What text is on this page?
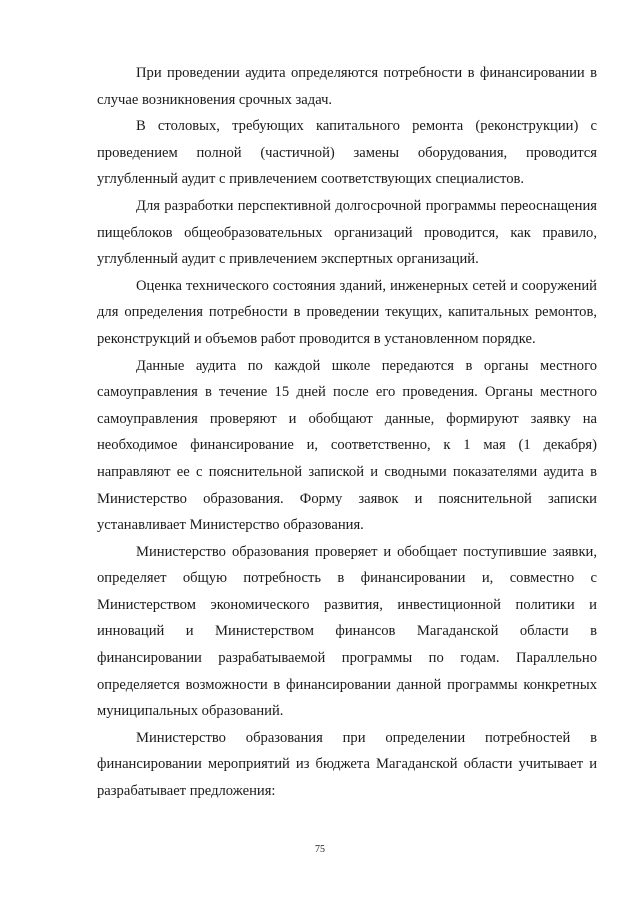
При проведении аудита определяются потребности в финансировании в случае возникновения срочных задач.

В столовых, требующих капитального ремонта (реконструкции) с проведением полной (частичной) замены оборудования, проводится углубленный аудит с привлечением соответствующих специалистов.

Для разработки перспективной долгосрочной программы переоснащения пищеблоков общеобразовательных организаций проводится, как правило, углубленный аудит с привлечением экспертных организаций.

Оценка технического состояния зданий, инженерных сетей и сооружений для определения потребности в проведении текущих, капитальных ремонтов, реконструкций и объемов работ проводится в установленном порядке.

Данные аудита по каждой школе передаются в органы местного самоуправления в течение 15 дней после его проведения. Органы местного самоуправления проверяют и обобщают данные, формируют заявку на необходимое финансирование и, соответственно, к 1 мая (1 декабря) направляют ее с пояснительной запиской и сводными показателями аудита в Министерство образования. Форму заявок и пояснительной записки устанавливает Министерство образования.

Министерство образования проверяет и обобщает поступившие заявки, определяет общую потребность в финансировании и, совместно с Министерством экономического развития, инвестиционной политики и инноваций и Министерством финансов Магаданской области в финансировании разрабатываемой программы по годам. Параллельно определяется возможности в финансировании данной программы конкретных муниципальных образований.

Министерство образования при определении потребностей в финансировании мероприятий из бюджета Магаданской области учитывает и разрабатывает предложения:

75
